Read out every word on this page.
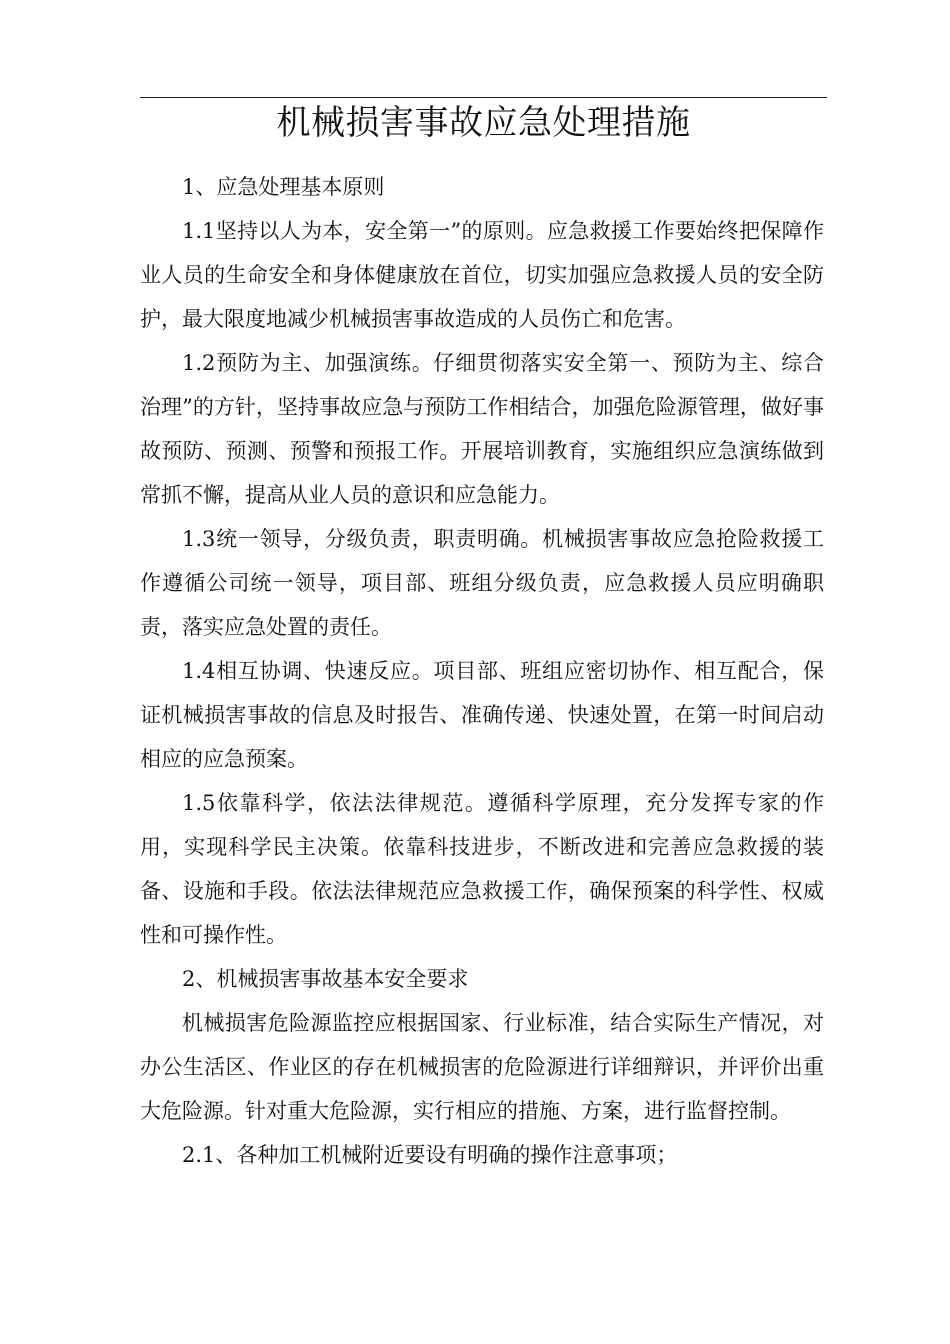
机械损害事故应急处理措施

1、应急处理基本原则

1.1坚持以人为本，安全第一”的原则。应急救援工作要始终把保障作业人员的生命安全和身体健康放在首位，切实加强应急救援人员的安全防护，最大限度地减少机械损害事故造成的人员伤亡和危害。

1.2预防为主、加强演练。仔细贯彻落实安全第一、预防为主、综合治理”的方针，坚持事故应急与预防工作相结合，加强危险源管理，做好事故预防、预测、预警和预报工作。开展培训教育，实施组织应急演练做到常抓不懈，提高从业人员的意识和应急能力。

1.3统一领导，分级负责，职责明确。机械损害事故应急抢险救援工作遵循公司统一领导，项目部、班组分级负责，应急救援人员应明确职责，落实应急处置的责任。

1.4相互协调、快速反应。项目部、班组应密切协作、相互配合，保证机械损害事故的信息及时报告、准确传递、快速处置，在第一时间启动相应的应急预案。

1.5依靠科学，依法法律规范。遵循科学原理，充分发挥专家的作用，实现科学民主决策。依靠科技进步，不断改进和完善应急救援的装备、设施和手段。依法法律规范应急救援工作，确保预案的科学性、权威性和可操作性。

2、机械损害事故基本安全要求

机械损害危险源监控应根据国家、行业标准，结合实际生产情况，对办公生活区、作业区的存在机械损害的危险源进行详细辩识，并评价出重大危险源。针对重大危险源，实行相应的措施、方案，进行监督控制。

2.1、各种加工机械附近要设有明确的操作注意事项；
